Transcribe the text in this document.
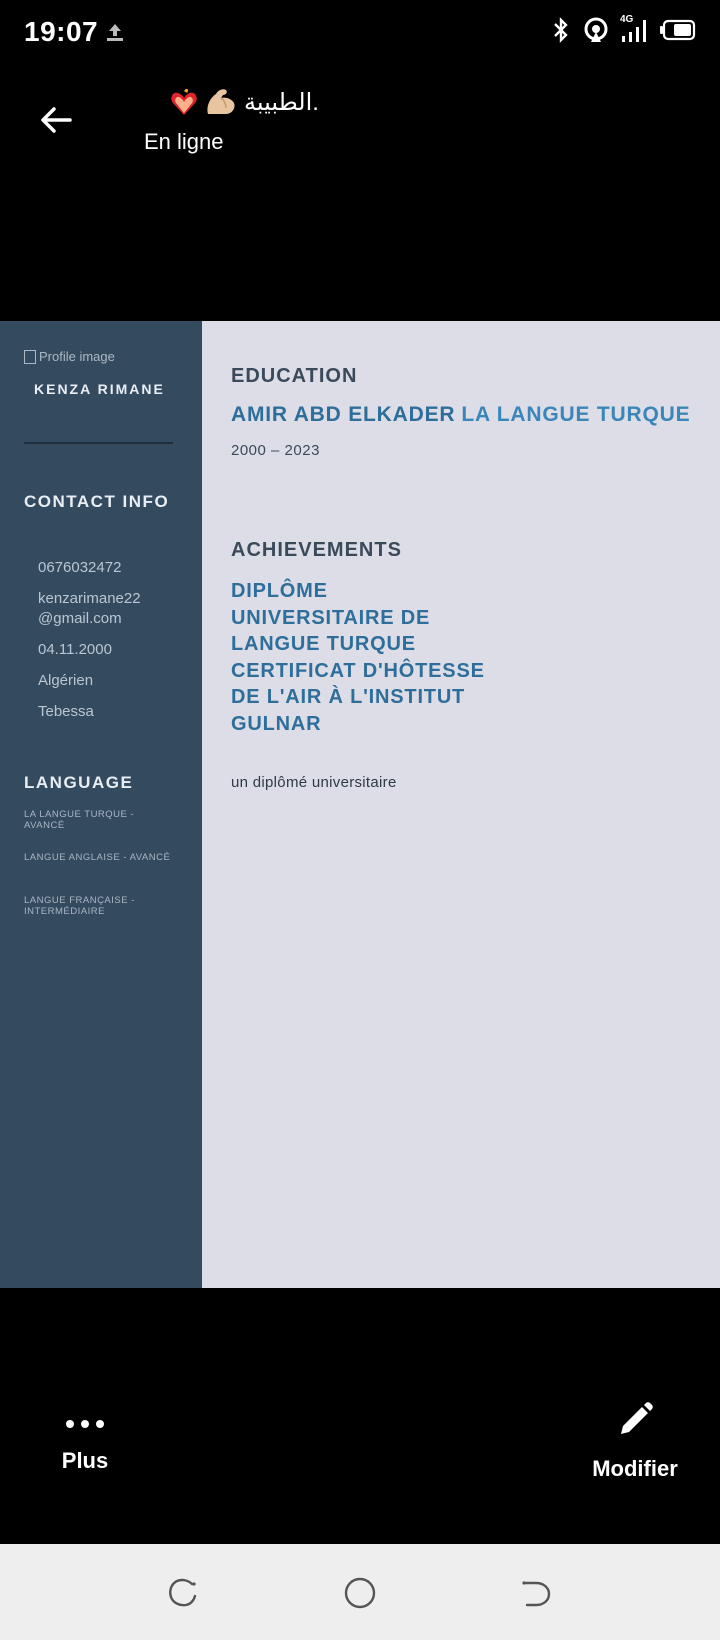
19:07	4G
الطبيبة.
En ligne
Profile image
KENZA RIMANE
CONTACT INFO
0676032472
kenzarimane22 @gmail.com
04.11.2000
Algérien
Tebessa
LANGUAGE
LA LANGUE TURQUE - AVANCÉ
LANGUE ANGLAISE - AVANCÉ
LANGUE FRANÇAISE - INTERMÉDIAIRE
EDUCATION
AMIR ABD ELKADER LA LANGUE TURQUE
2000 – 2023
ACHIEVEMENTS
DIPLÔME UNIVERSITAIRE DE LANGUE TURQUE CERTIFICAT D'HÔTESSE DE L'AIR À L'INSTITUT GULNAR
un diplômé universitaire
Plus	Modifier
